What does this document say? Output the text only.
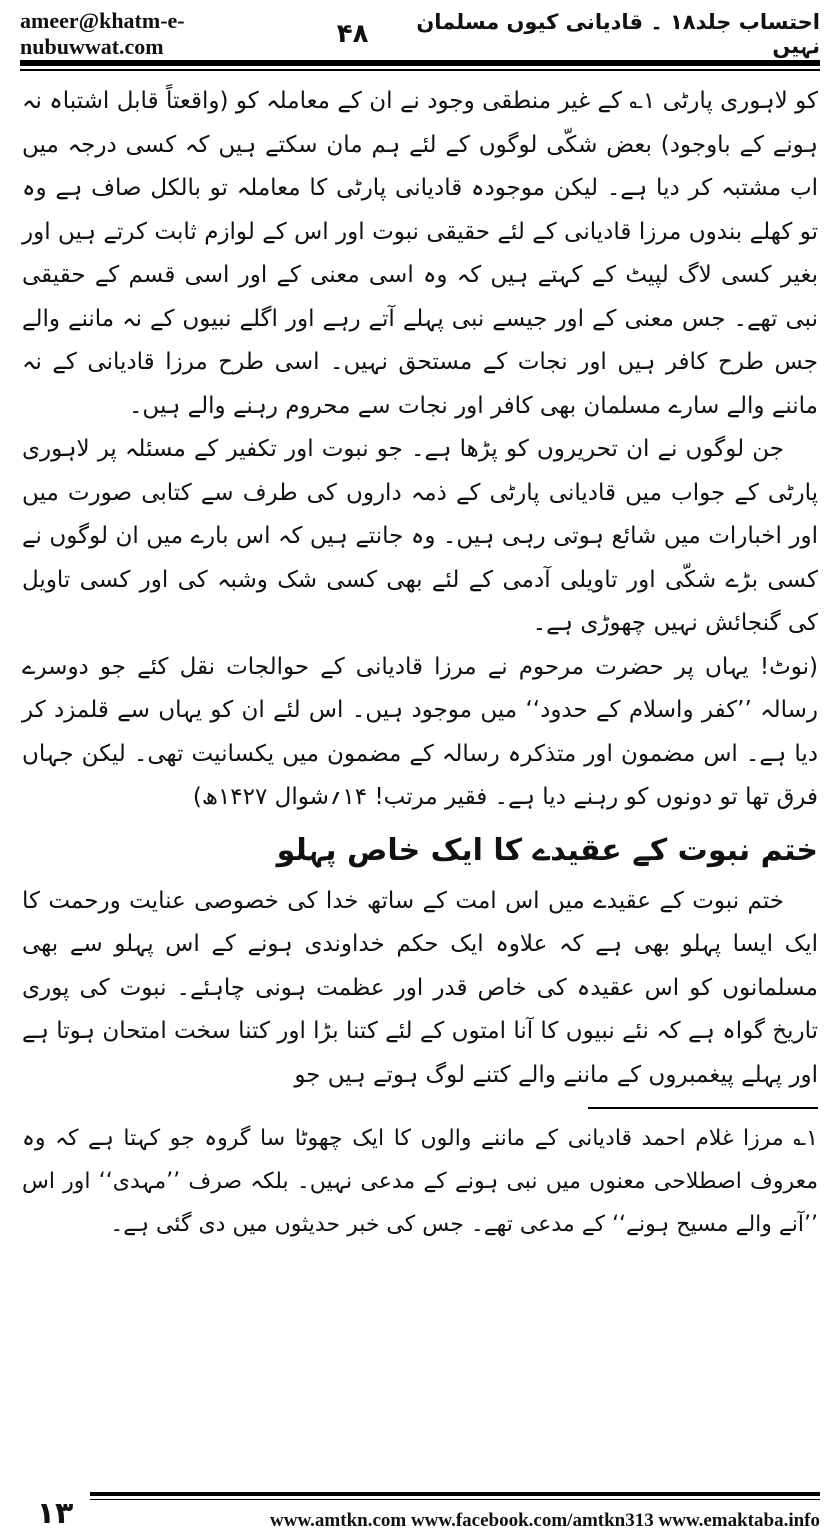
ameer@khatm-e-nubuwwat.com	۴۸	احتساب جلد۱۸ ۔ قادیانی کیوں مسلمان نہیں

کو لاہوری پارٹی ۱؎ کے غیر منطقی وجود نے ان کے معاملہ کو (واقعتاً قابل اشتباہ نہ ہونے کے باوجود) بعض شکّی لوگوں کے لئے ہم مان سکتے ہیں کہ کسی درجہ میں اب مشتبہ کر دیا ہے۔ لیکن موجودہ قادیانی پارٹی کا معاملہ تو بالکل صاف ہے وہ تو کھلے بندوں مرزا قادیانی کے لئے حقیقی نبوت اور اس کے لوازم ثابت کرتے ہیں اور بغیر کسی لاگ لپیٹ کے کہتے ہیں کہ وہ اسی معنی کے اور اسی قسم کے حقیقی نبی تھے۔ جس معنی کے اور جیسے نبی پہلے آتے رہے اور اگلے نبیوں کے نہ ماننے والے جس طرح کافر ہیں اور نجات کے مستحق نہیں۔ اسی طرح مرزا قادیانی کے نہ ماننے والے سارے مسلمان بھی کافر اور نجات سے محروم رہنے والے ہیں۔

جن لوگوں نے ان تحریروں کو پڑھا ہے۔ جو نبوت اور تکفیر کے مسئلہ پر لاہوری پارٹی کے جواب میں قادیانی پارٹی کے ذمہ داروں کی طرف سے کتابی صورت میں اور اخبارات میں شائع ہوتی رہی ہیں۔ وہ جانتے ہیں کہ اس بارے میں ان لوگوں نے کسی بڑے شکّی اور تاویلی آدمی کے لئے بھی کسی شک وشبہ کی اور کسی تاویل کی گنجائش نہیں چھوڑی ہے۔

(نوٹ! یہاں پر حضرت مرحوم نے مرزا قادیانی کے حوالجات نقل کئے جو دوسرے رسالہ ’’کفر واسلام کے حدود‘‘ میں موجود ہیں۔ اس لئے ان کو یہاں سے قلمزد کر دیا ہے۔ اس مضمون اور متذکرہ رسالہ کے مضمون میں یکسانیت تھی۔ لیکن جہاں فرق تھا تو دونوں کو رہنے دیا ہے۔ فقیر مرتب! ۱۴؍شوال ۱۴۲۷ھ)

ختم نبوت کے عقیدے کا ایک خاص پہلو

ختم نبوت کے عقیدے میں اس امت کے ساتھ خدا کی خصوصی عنایت ورحمت کا ایک ایسا پہلو بھی ہے کہ علاوہ ایک حکم خداوندی ہونے کے اس پہلو سے بھی مسلمانوں کو اس عقیدہ کی خاص قدر اور عظمت ہونی چاہئے۔ نبوت کی پوری تاریخ گواہ ہے کہ نئے نبیوں کا آنا امتوں کے لئے کتنا بڑا اور کتنا سخت امتحان ہوتا ہے اور پہلے پیغمبروں کے ماننے والے کتنے لوگ ہوتے ہیں جو

۱؎ مرزا غلام احمد قادیانی کے ماننے والوں کا ایک چھوٹا سا گروہ جو کہتا ہے کہ وہ معروف اصطلاحی معنوں میں نبی ہونے کے مدعی نہیں۔ بلکہ صرف ’’مہدی‘‘ اور اس ’’آنے والے مسیح ہونے‘‘ کے مدعی تھے۔ جس کی خبر حدیثوں میں دی گئی ہے۔

۱۳	www.amtkn.com www.facebook.com/amtkn313 www.emaktaba.info
